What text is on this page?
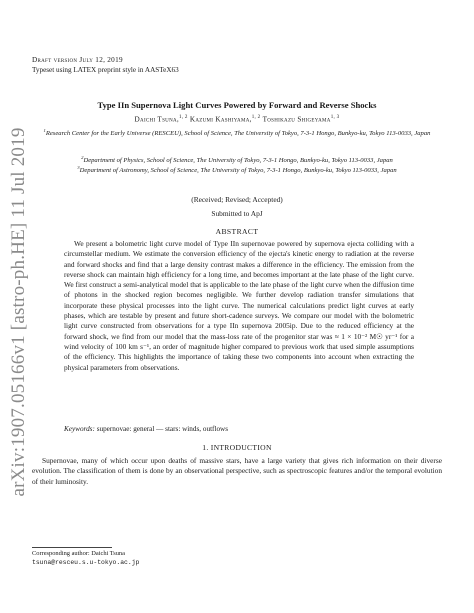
arXiv:1907.05166v1 [astro-ph.HE] 11 Jul 2019
Draft version July 12, 2019
Typeset using LATEX preprint style in AASTeX63
Type IIn Supernova Light Curves Powered by Forward and Reverse Shocks
Daichi Tsuna,$^{1, 2}$ Kazumi Kashiyama,$^{1, 2}$ Toshikazu Shigeyama$^{1, 3}$
$^1$Research Center for the Early Universe (RESCEU), School of Science, The University of Tokyo, 7-3-1 Hongo, Bunkyo-ku, Tokyo 113-0033, Japan
$^2$Department of Physics, School of Science, The University of Tokyo, 7-3-1 Hongo, Bunkyo-ku, Tokyo 113-0033, Japan
$^3$Department of Astronomy, School of Science, The University of Tokyo, 7-3-1 Hongo, Bunkyo-ku, Tokyo 113-0033, Japan
(Received; Revised; Accepted)
Submitted to ApJ
ABSTRACT
We present a bolometric light curve model of Type IIn supernovae powered by supernova ejecta colliding with a circumstellar medium. We estimate the conversion efficiency of the ejecta's kinetic energy to radiation at the reverse and forward shocks and find that a large density contrast makes a difference in the efficiency. The emission from the reverse shock can maintain high efficiency for a long time, and becomes important at the late phase of the light curve. We first construct a semi-analytical model that is applicable to the late phase of the light curve when the diffusion time of photons in the shocked region becomes negligible. We further develop radiation transfer simulations that incorporate these physical processes into the light curve. The numerical calculations predict light curves at early phases, which are testable by present and future short-cadence surveys. We compare our model with the bolometric light curve constructed from observations for a type IIn supernova 2005ip. Due to the reduced efficiency at the forward shock, we find from our model that the mass-loss rate of the progenitor star was ≈ 1 × 10⁻² M☉ yr⁻¹ for a wind velocity of 100 km s⁻¹, an order of magnitude higher compared to previous work that used simple assumptions of the efficiency. This highlights the importance of taking these two components into account when extracting the physical parameters from observations.
Keywords: supernovae: general — stars: winds, outflows
1. INTRODUCTION
Supernovae, many of which occur upon deaths of massive stars, have a large variety that gives rich information on their diverse evolution. The classification of them is done by an observational perspective, such as spectroscopic features and/or the temporal evolution of their luminosity.
Corresponding author: Daichi Tsuna
tsuna@resceu.s.u-tokyo.ac.jp
